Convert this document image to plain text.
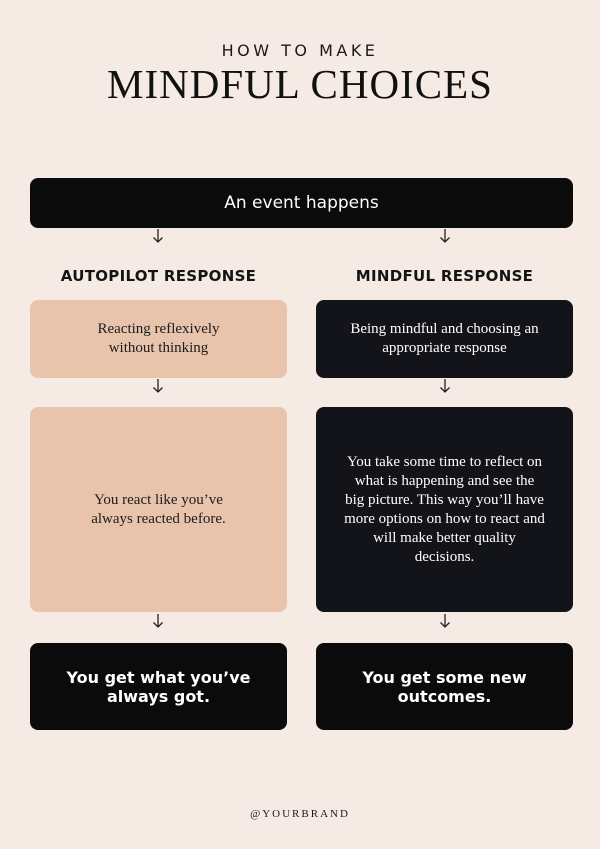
HOW TO MAKE
MINDFUL CHOICES
An event happens
AUTOPILOT RESPONSE	MINDFUL RESPONSE
Reacting reflexively without thinking
Being mindful and choosing an appropriate response
You react like you’ve always reacted before.
You take some time to reflect on what is happening and see the big picture. This way you’ll have more options on how to react and will make better quality decisions.
You get what you’ve always got.
You get some new outcomes.
@YOURBRAND
